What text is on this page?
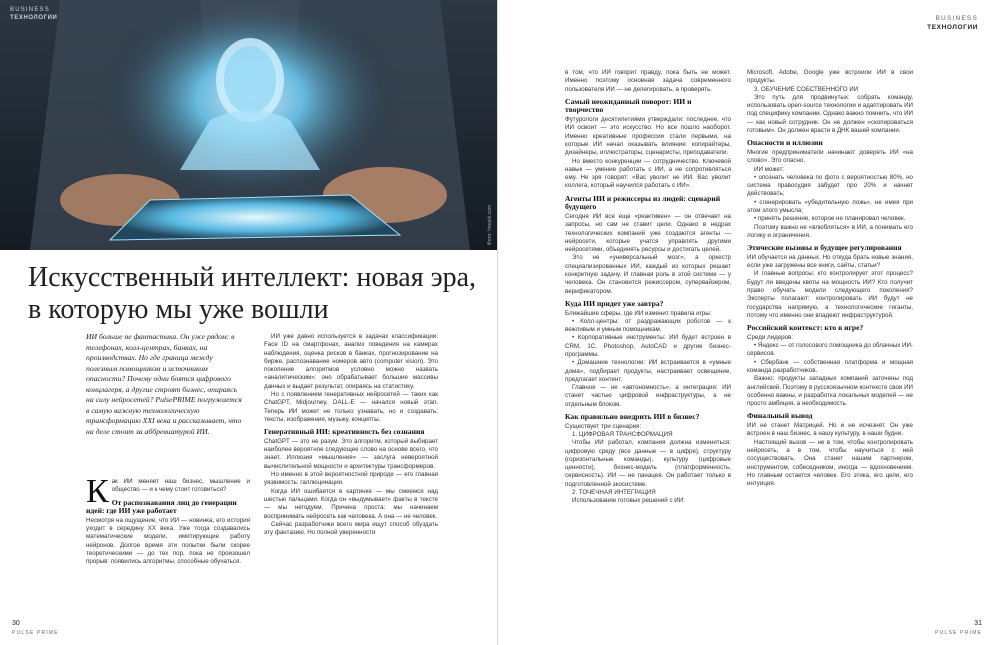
BUSINESS
ТЕХНОЛОГИИ
Фото: freepik.com
Искусственный интеллект: новая эра, в которую мы уже вошли

ИИ больше не фантастика. Он уже рядом: в телефонах, колл-центрах, банках, на производствах. Но где граница между полезным помощником и источником опасности? Почему одни боятся цифрового концлагеря, а другие строят бизнес, опираясь на силу нейросетей? PulsePRIME погружается в самую важную технологическую трансформацию XXI века и рассказывает, что на деле стоит за аббревиатурой ИИ.

К ак ИИ меняет наш бизнес, мышление и общество — и к чему стоит готовиться?

От распознавания лиц до генерации идей: где ИИ уже работает

Несмотря на ощущение, что ИИ — новинка, его история уходит в середину XX века. Уже тогда создавались математические модели, имитирующие работу нейронов. Долгое время эти попытки были скорее теоретическими — до тех пор, пока не произошел прорыв: появились алгоритмы, способные обучаться.

ИИ уже давно используется в задачах классификации: Face ID на смартфонах, анализ поведения на камерах наблюдения, оценка рисков в банках, прогнозирование на бирже, распознавание номеров авто (computer vision). Это поколение алгоритмов условно можно назвать «аналитическим»: оно обрабатывает большие массивы данных и выдает результат, опираясь на статистику.

Но с появлением генеративных нейросетей — таких как ChatGPT, Midjourney, DALL-E — начался новый этап. Теперь ИИ может не только узнавать, но и создавать: тексты, изображения, музыку, концепты.

Генеративный ИИ: креативность без сознания

ChatGPT — это не разум. Это алгоритм, который выбирает наиболее вероятное следующее слово на основе всего, что знает. Иллюзия «мышления» — заслуга невероятной вычислительной мощности и архитектуры трансформеров.

Но именно в этой вероятностной природе — его главная уязвимость: галлюцинации.

Когда ИИ ошибается в картинке — мы смеемся над шестью пальцами. Когда он «выдумывает» факты в тексте — мы негодуем. Причина проста: мы начинаем воспринимать нейросеть как человека. А она — не человек.

Сейчас разработчики всего мира ищут способ обуздать эту фантазию. Но полной уверенности

30
PULSE PRIME
BUSINESS
ТЕХНОЛОГИИ

в том, что ИИ говорит правду, пока быть не может. Именно поэтому основная задача современного пользователя ИИ — не делегировать, а проверять.

Самый неожиданный поворот: ИИ и творчество

Футурологи десятилетиями утверждали: последнее, что ИИ освоит — это искусство. Но все пошло наоборот. Именно креативные профессии стали первыми, на которые ИИ начал оказывать влияние: копирайтеры, дизайнеры, иллюстраторы, сценаристы, преподаватели.

Но вместо конкуренции — сотрудничество. Ключевой навык — умение работать с ИИ, а не сопротивляться ему. Не зря говорят: «Вас уволит не ИИ. Вас уволит коллега, который научился работать с ИИ».

Агенты ИИ и режиссеры из людей: сценарий будущего

Сегодня ИИ все еще «реактивен» — он отвечает на запросы, но сам не ставит цели. Однако в недрах технологических компаний уже создаются агенты — нейросети, которые учатся управлять другими нейросетями, объединять ресурсы и достигать целей.

Это не «универсальный мозг», а оркестр специализированных ИИ, каждый из которых решает конкретную задачу. И главная роль в этой системе — у человека. Он становится режиссером, супервайзером, верификатором.

Куда ИИ придет уже завтра?

Ближайшие сферы, где ИИ изменит правила игры:

• Колл-центры: от раздражающих роботов — к вежливым и умным помощникам.

• Корпоративные инструменты: ИИ будет встроен в CRM, 1С, Photoshop, AutoCAD и другие бизнес-программы.

• Домашние технологии: ИИ встраивается в «умные дома», подбирает продукты, настраивает освещение, предлагает контент.

Главное — не «автономность», а интеграция: ИИ станет частью цифровой инфраструктуры, а не отдельным блоком.

Как правильно внедрить ИИ в бизнес?

Существует три сценария:

1. ЦИФРОВАЯ ТРАНСФОРМАЦИЯ

Чтобы ИИ работал, компания должна измениться: цифровую среду (все данные — в цифре), структуру (горизонтальные команды), культуру (цифровые ценности), бизнес-модель (платформенность, сервисность). ИИ — не панацея. Он работает только в подготовленной экосистеме.

2. ТОЧЕЧНАЯ ИНТЕГРАЦИЯ

Использование готовых решений с ИИ:

Microsoft, Adobe, Google уже встроили ИИ в свои продукты.

3. ОБУЧЕНИЕ СОБСТВЕННОГО ИИ

Это путь для продвинутых: собрать команду, использовать open-source технологии и адаптировать ИИ под специфику компании. Однако важно помнить, что ИИ — как новый сотрудник. Он не должен «скопироваться готовым». Он должен врасти в ДНК вашей компании.

Опасности и иллюзии

Многие предприниматели начинают доверять ИИ «на слово». Это опасно.

ИИ может:

• опознать человека по фото с вероятностью 80%, но система правосудия забудет про 20% и начнет действовать;

• сгенерировать «убедительную ложь», не имея при этом злого умысла;

• принять решение, которое не планировал человек.

Поэтому важно не «влюбляться» в ИИ, а понимать его логику и ограничения.

Этические вызовы и будущее регулирования

ИИ обучается на данных. Но откуда брать новые знания, если уже загружены все книги, сайты, статьи?

И главные вопросы: кто контролирует этот процесс? Будут ли введены квоты на мощность ИИ? Кто получит право обучать модели следующего поколения? Эксперты полагают: контролировать ИИ будут не государства напрямую, а технологические гиганты, потому что именно они владеют инфраструктурой.

Российский контекст: кто в игре?

Среди лидеров:

• Яндекс — от голосового помощника до облачных ИИ-сервисов.

• Сбербанк — собственная платформа и мощная команда разработчиков.

Важно: продукты западных компаний заточены под английский. Поэтому в русскоязычном контексте свои ИИ особенно важны, и разработка локальных моделей — не просто амбиция, а необходимость.

Финальный вывод

ИИ не станет Матрицей. Но и не исчезнет. Он уже встроен в наш бизнес, в нашу культуру, в наши будни.

Настоящий вызов — не в том, чтобы контролировать нейросеть, а в том, чтобы научиться с ней сосуществовать. Она станет нашим партнером, инструментом, собеседником, иногда — вдохновением. Но главным остается человек. Его этика, его цели, его интуиция.

31
PULSE PRIME
